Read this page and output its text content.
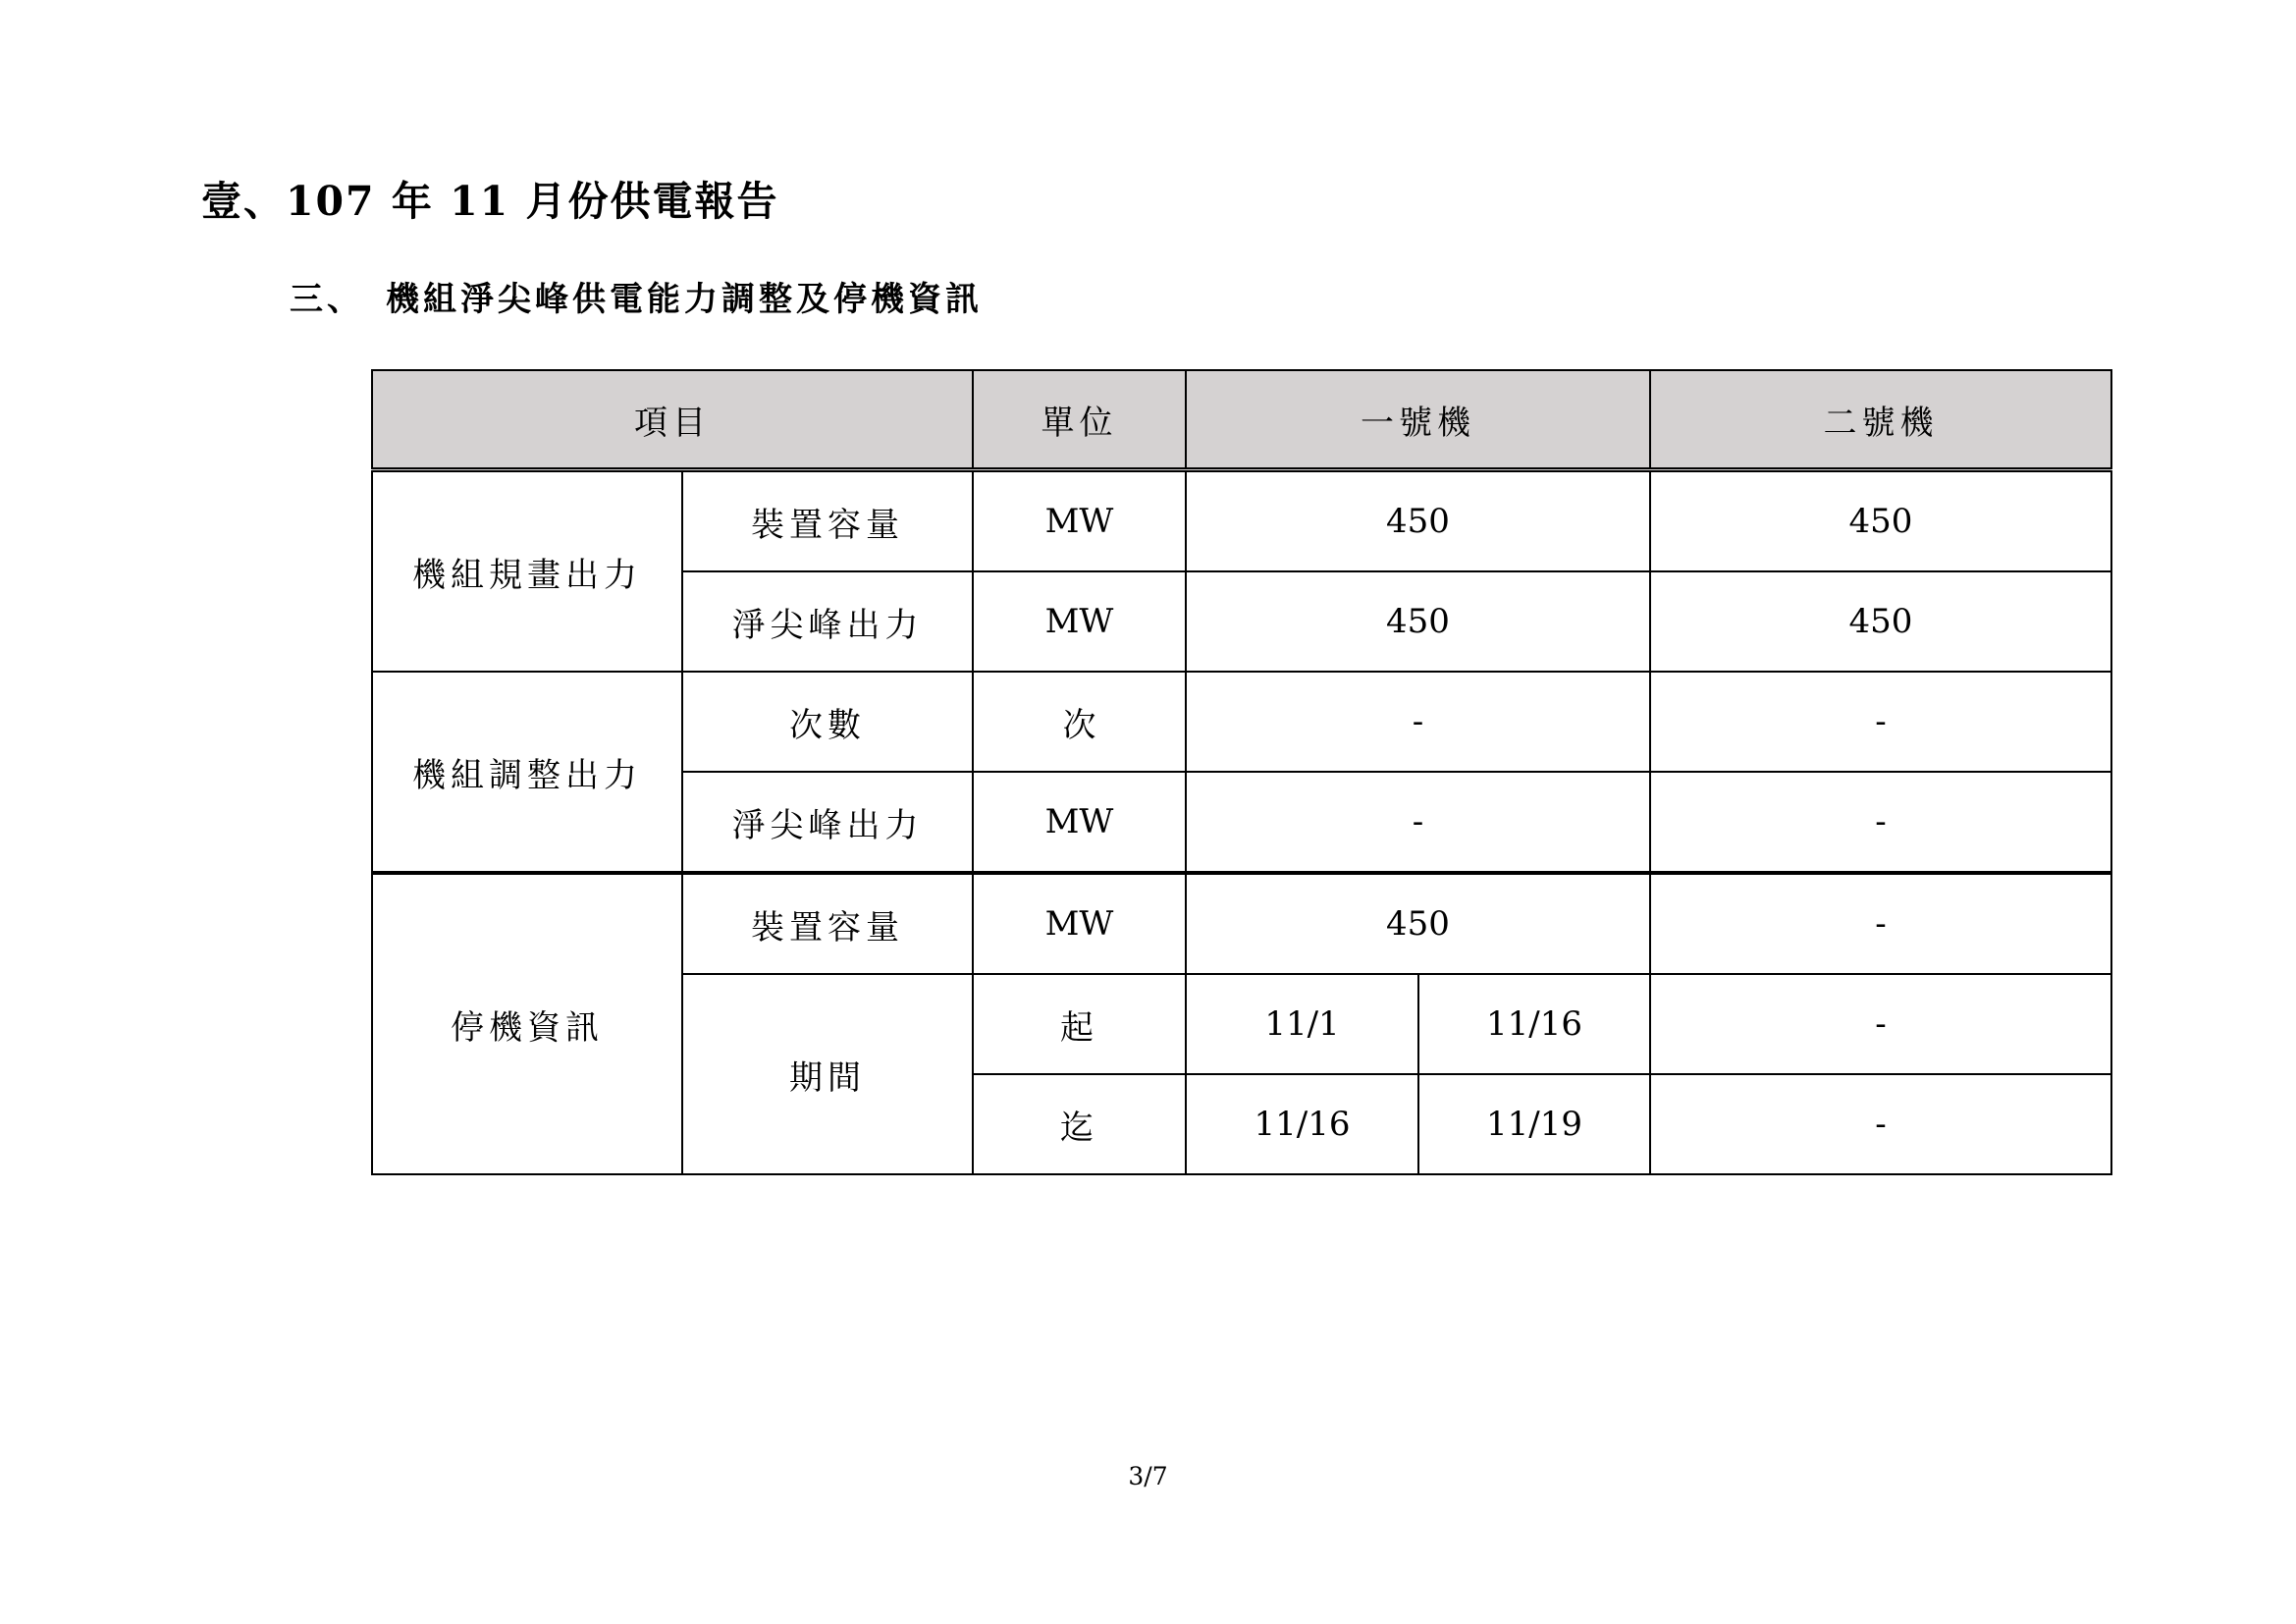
壹、107 年 11 月份供電報告
三、 機組淨尖峰供電能力調整及停機資訊
項目		單位	一號機		二號機
機組規畫出力	裝置容量	MW	450		450
	淨尖峰出力	MW	450		450
機組調整出力	次數	次	-		-
	淨尖峰出力	MW	-		-
停機資訊	裝置容量	MW	450		-
	期間	起	11/1	11/16	-
		迄	11/16	11/19	-
3/7
